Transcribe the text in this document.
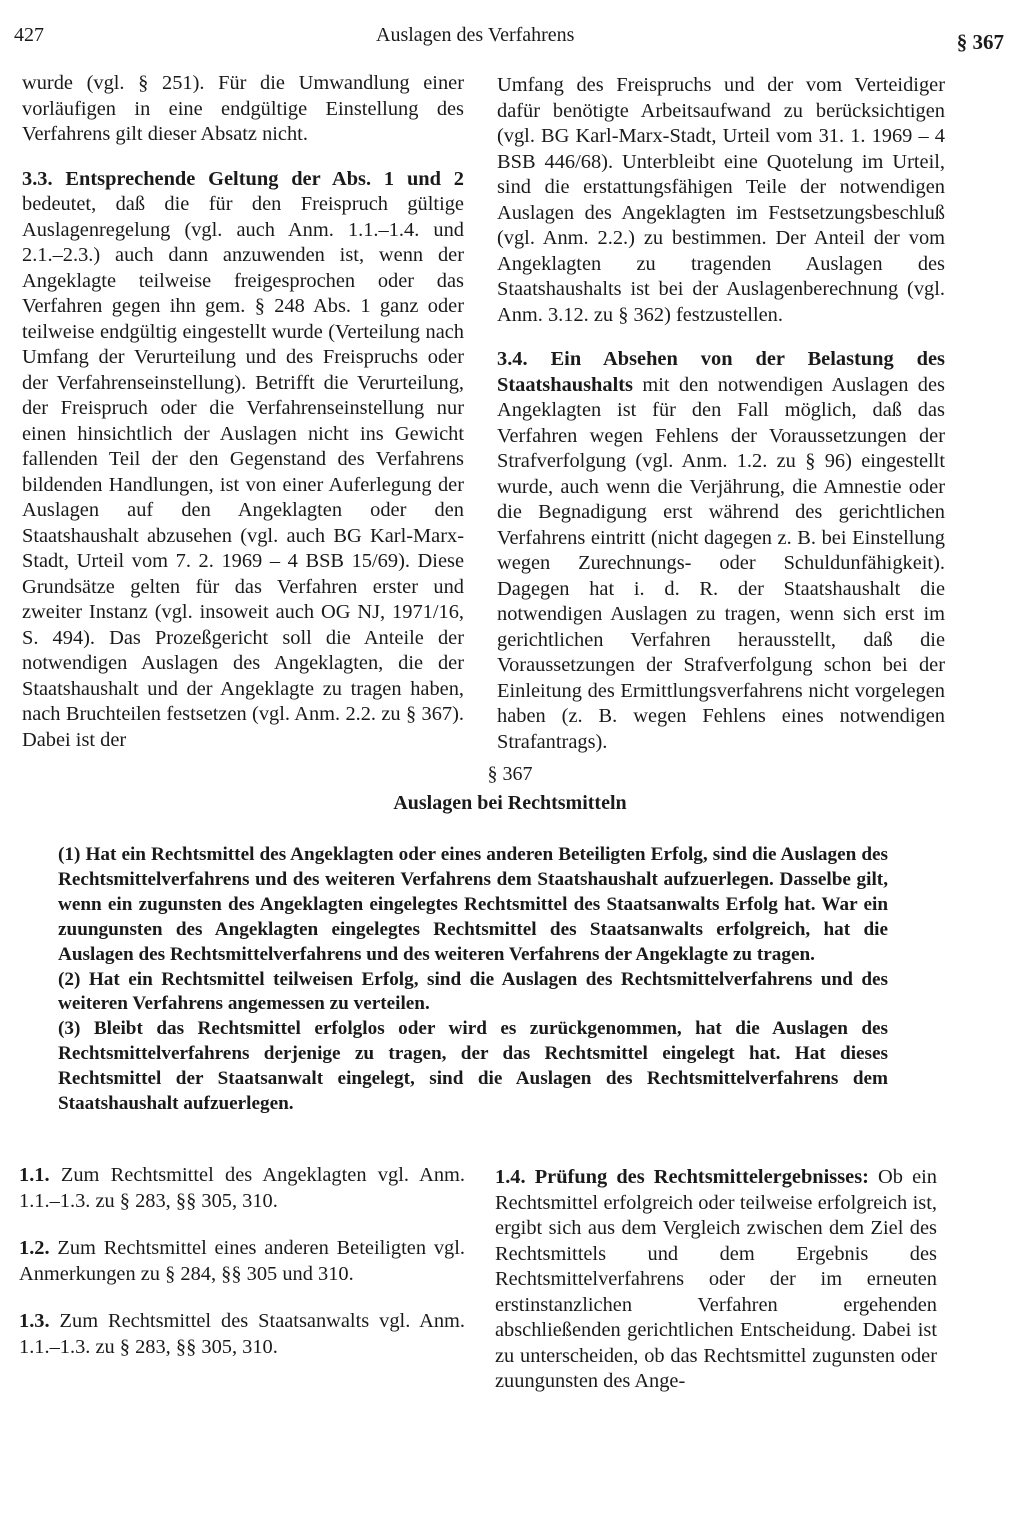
427	Auslagen des Verfahrens	§ 367

wurde (vgl. § 251). Für die Umwandlung einer vorläufigen in eine endgültige Einstellung des Verfahrens gilt dieser Absatz nicht.

3.3. Entsprechende Geltung der Abs. 1 und 2 bedeutet, daß die für den Freispruch gültige Auslagenregelung (vgl. auch Anm. 1.1.–1.4. und 2.1.–2.3.) auch dann anzuwenden ist, wenn der Angeklagte teilweise freigesprochen oder das Verfahren gegen ihn gem. § 248 Abs. 1 ganz oder teilweise endgültig eingestellt wurde (Verteilung nach Umfang der Verurteilung und des Freispruchs oder der Verfahrenseinstellung). Betrifft die Verurteilung, der Freispruch oder die Verfahrenseinstellung nur einen hinsichtlich der Auslagen nicht ins Gewicht fallenden Teil der den Gegenstand des Verfahrens bildenden Handlungen, ist von einer Auferlegung der Auslagen auf den Angeklagten oder den Staatshaushalt abzusehen (vgl. auch BG Karl-Marx-Stadt, Urteil vom 7. 2. 1969 – 4 BSB 15/69). Diese Grundsätze gelten für das Verfahren erster und zweiter Instanz (vgl. insoweit auch OG NJ, 1971/16, S. 494). Das Prozeßgericht soll die Anteile der notwendigen Auslagen des Angeklagten, die der Staatshaushalt und der Angeklagte zu tragen haben, nach Bruchteilen festsetzen (vgl. Anm. 2.2. zu § 367). Dabei ist der

Umfang des Freispruchs und der vom Verteidiger dafür benötigte Arbeitsaufwand zu berücksichtigen (vgl. BG Karl-Marx-Stadt, Urteil vom 31. 1. 1969 – 4 BSB 446/68). Unterbleibt eine Quotelung im Urteil, sind die erstattungsfähigen Teile der notwendigen Auslagen des Angeklagten im Festsetzungsbeschluß (vgl. Anm. 2.2.) zu bestimmen. Der Anteil der vom Angeklagten zu tragenden Auslagen des Staatshaushalts ist bei der Auslagenberechnung (vgl. Anm. 3.12. zu § 362) festzustellen.

3.4. Ein Absehen von der Belastung des Staatshaushalts mit den notwendigen Auslagen des Angeklagten ist für den Fall möglich, daß das Verfahren wegen Fehlens der Voraussetzungen der Strafverfolgung (vgl. Anm. 1.2. zu § 96) eingestellt wurde, auch wenn die Verjährung, die Amnestie oder die Begnadigung erst während des gerichtlichen Verfahrens eintritt (nicht dagegen z. B. bei Einstellung wegen Zurechnungs- oder Schuldunfähigkeit). Dagegen hat i. d. R. der Staatshaushalt die notwendigen Auslagen zu tragen, wenn sich erst im gerichtlichen Verfahren herausstellt, daß die Voraussetzungen der Strafverfolgung schon bei der Einleitung des Ermittlungsverfahrens nicht vorgelegen haben (z. B. wegen Fehlens eines notwendigen Strafantrags).

§ 367
Auslagen bei Rechtsmitteln

(1) Hat ein Rechtsmittel des Angeklagten oder eines anderen Beteiligten Erfolg, sind die Auslagen des Rechtsmittelverfahrens und des weiteren Verfahrens dem Staatshaushalt aufzuerlegen. Dasselbe gilt, wenn ein zugunsten des Angeklagten eingelegtes Rechtsmittel des Staatsanwalts Erfolg hat. War ein zuungunsten des Angeklagten eingelegtes Rechtsmittel des Staatsanwalts erfolgreich, hat die Auslagen des Rechtsmittelverfahrens und des weiteren Verfahrens der Angeklagte zu tragen.

(2) Hat ein Rechtsmittel teilweisen Erfolg, sind die Auslagen des Rechtsmittelverfahrens und des weiteren Verfahrens angemessen zu verteilen.

(3) Bleibt das Rechtsmittel erfolglos oder wird es zurückgenommen, hat die Auslagen des Rechtsmittelverfahrens derjenige zu tragen, der das Rechtsmittel eingelegt hat. Hat dieses Rechtsmittel der Staatsanwalt eingelegt, sind die Auslagen des Rechtsmittelverfahrens dem Staatshaushalt aufzuerlegen.

1.1. Zum Rechtsmittel des Angeklagten vgl. Anm. 1.1.–1.3. zu § 283, §§ 305, 310.

1.2. Zum Rechtsmittel eines anderen Beteiligten vgl. Anmerkungen zu § 284, §§ 305 und 310.

1.3. Zum Rechtsmittel des Staatsanwalts vgl. Anm. 1.1.–1.3. zu § 283, §§ 305, 310.

1.4. Prüfung des Rechtsmittelergebnisses: Ob ein Rechtsmittel erfolgreich oder teilweise erfolgreich ist, ergibt sich aus dem Vergleich zwischen dem Ziel des Rechtsmittels und dem Ergebnis des Rechtsmittelverfahrens oder der im erneuten erstinstanzlichen Verfahren ergehenden abschließenden gerichtlichen Entscheidung. Dabei ist zu unterscheiden, ob das Rechtsmittel zugunsten oder zuungunsten des Ange-
